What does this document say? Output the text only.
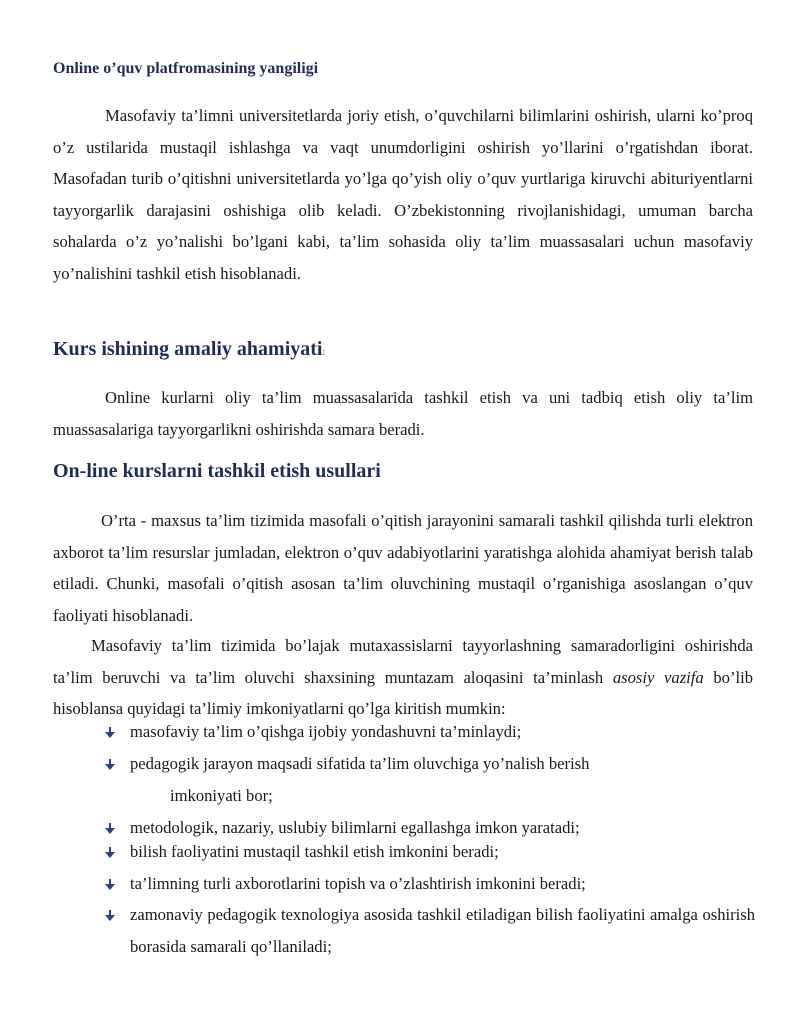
Online o’quv platfromasining yangiligi

Masofaviy ta’limni universitetlarda joriy etish, o’quvchilarni bilimlarini oshirish, ularni ko’proq o’z ustilarida mustaqil ishlashga va vaqt unumdorligini oshirish yo’llarini o’rgatishdan iborat. Masofadan turib o’qitishni universitetlarda yo’lga qo’yish oliy o’quv yurtlariga kiruvchi abituriyentlarni tayyorgarlik darajasini oshishiga olib keladi. O’zbekistonning rivojlanishidagi, umuman barcha sohalarda o’z yo’nalishi bo’lgani kabi, ta’lim sohasida oliy ta’lim muassasalari uchun masofaviy yo’nalishini tashkil etish hisoblanadi.

Kurs ishining amaliy ahamiyati:

Online kurlarni oliy ta’lim muassasalarida tashkil etish va uni tadbiq etish oliy ta’lim muassasalariga tayyorgarlikni oshirishda samara beradi.

On-line kurslarni tashkil etish usullari

O’rta - maxsus ta’lim tizimida masofali o’qitish jarayonini samarali tashkil qilishda turli elektron axborot ta’lim resurslar jumladan, elektron o’quv adabiyotlarini yaratishga alohida ahamiyat berish talab etiladi. Chunki, masofali o’qitish asosan ta’lim oluvchining mustaqil o’rganishiga asoslangan o’quv faoliyati hisoblanadi.

Masofaviy ta’lim tizimida bo’lajak mutaxassislarni tayyorlashning samaradorligini oshirishda ta’lim beruvchi va ta’lim oluvchi shaxsining muntazam aloqasini ta’minlash asosiy vazifa bo’lib hisoblansa quyidagi ta’limiy imkoniyatlarni qo’lga kiritish mumkin:

masofaviy ta’lim o’qishga ijobiy yondashuvni ta’minlaydi;
pedagogik jarayon maqsadi sifatida ta’lim oluvchiga yo’nalish berish
imkoniyati bor;
metodologik, nazariy, uslubiy bilimlarni egallashga imkon yaratadi;
bilish faoliyatini mustaqil tashkil etish imkonini beradi;
ta’limning turli axborotlarini topish va o’zlashtirish imkonini beradi;
zamonaviy pedagogik texnologiya asosida tashkil etiladigan bilish faoliyatini amalga oshirish borasida samarali qo’llaniladi;
